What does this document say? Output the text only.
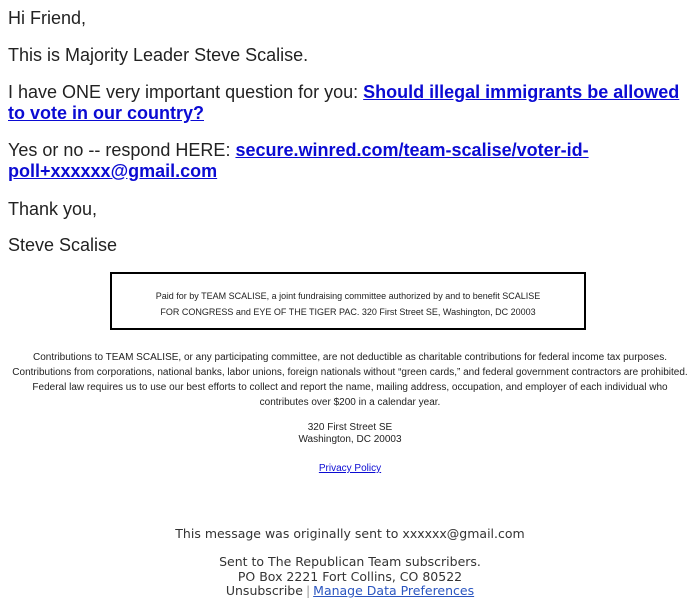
Hi Friend,

This is Majority Leader Steve Scalise.

I have ONE very important question for you: Should illegal immigrants be allowed to vote in our country?

Yes or no -- respond HERE: secure.winred.com/team-scalise/voter-id-poll+xxxxxx@gmail.com

Thank you,

Steve Scalise

Paid for by TEAM SCALISE, a joint fundraising committee authorized by and to benefit SCALISE
FOR CONGRESS and EYE OF THE TIGER PAC. 320 First Street SE, Washington, DC 20003
Contributions to TEAM SCALISE, or any participating committee, are not deductible as charitable contributions for federal income tax purposes. Contributions from corporations, national banks, labor unions, foreign nationals without “green cards,” and federal government contractors are prohibited. Federal law requires us to use our best efforts to collect and report the name, mailing address, occupation, and employer of each individual who contributes over $200 in a calendar year.
320 First Street SE
Washington, DC 20003
Privacy Policy
This message was originally sent to xxxxxx@gmail.com
Sent to The Republican Team subscribers.
PO Box 2221 Fort Collins, CO 80522
Unsubscribe | Manage Data Preferences
